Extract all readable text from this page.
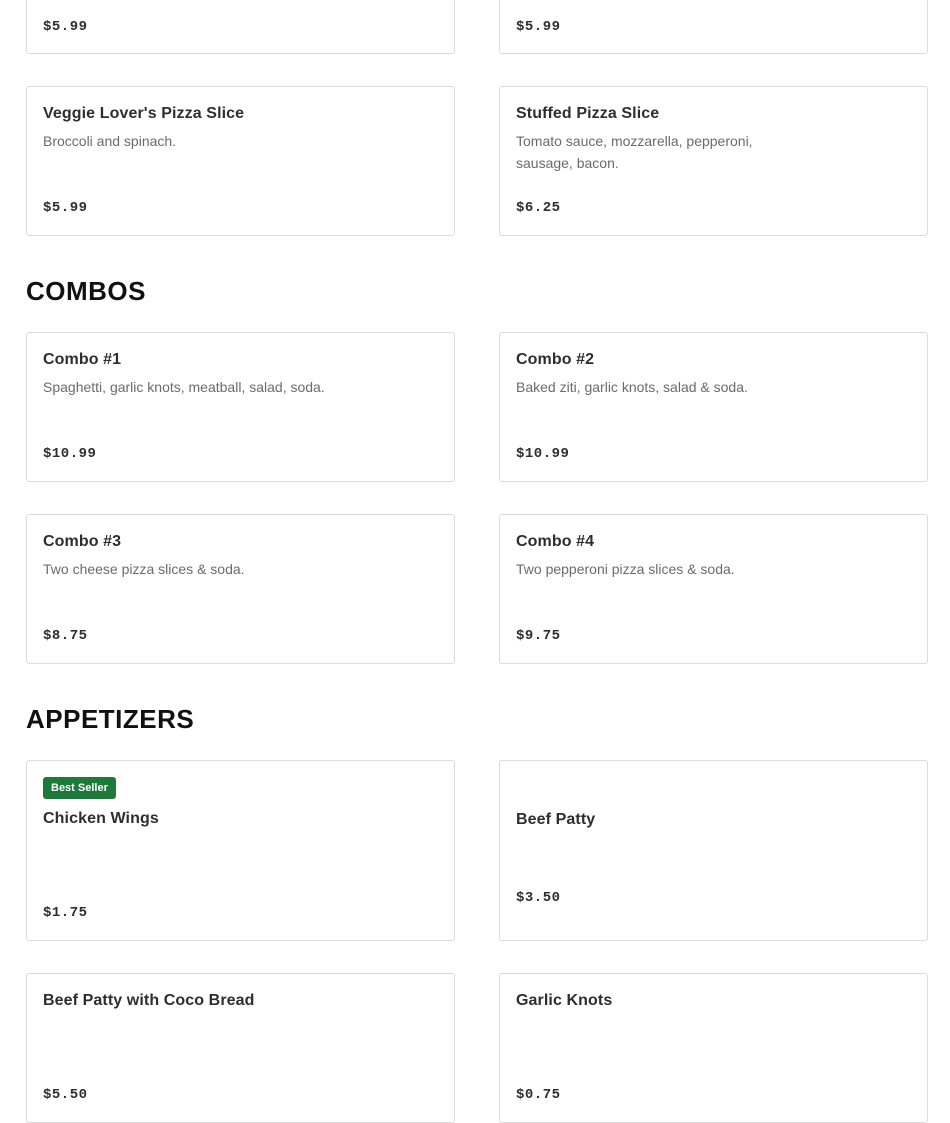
$5.99	$5.99
Veggie Lover's Pizza Slice
Broccoli and spinach.
$5.99
Stuffed Pizza Slice
Tomato sauce, mozzarella, pepperoni, sausage, bacon.
$6.25
COMBOS
Combo #1
Spaghetti, garlic knots, meatball, salad, soda.
$10.99
Combo #2
Baked ziti, garlic knots, salad & soda.
$10.99
Combo #3
Two cheese pizza slices & soda.
$8.75
Combo #4
Two pepperoni pizza slices & soda.
$9.75
APPETIZERS
Best Seller
Chicken Wings
$1.75
Beef Patty
$3.50
Beef Patty with Coco Bread
$5.50
Garlic Knots
$0.75
